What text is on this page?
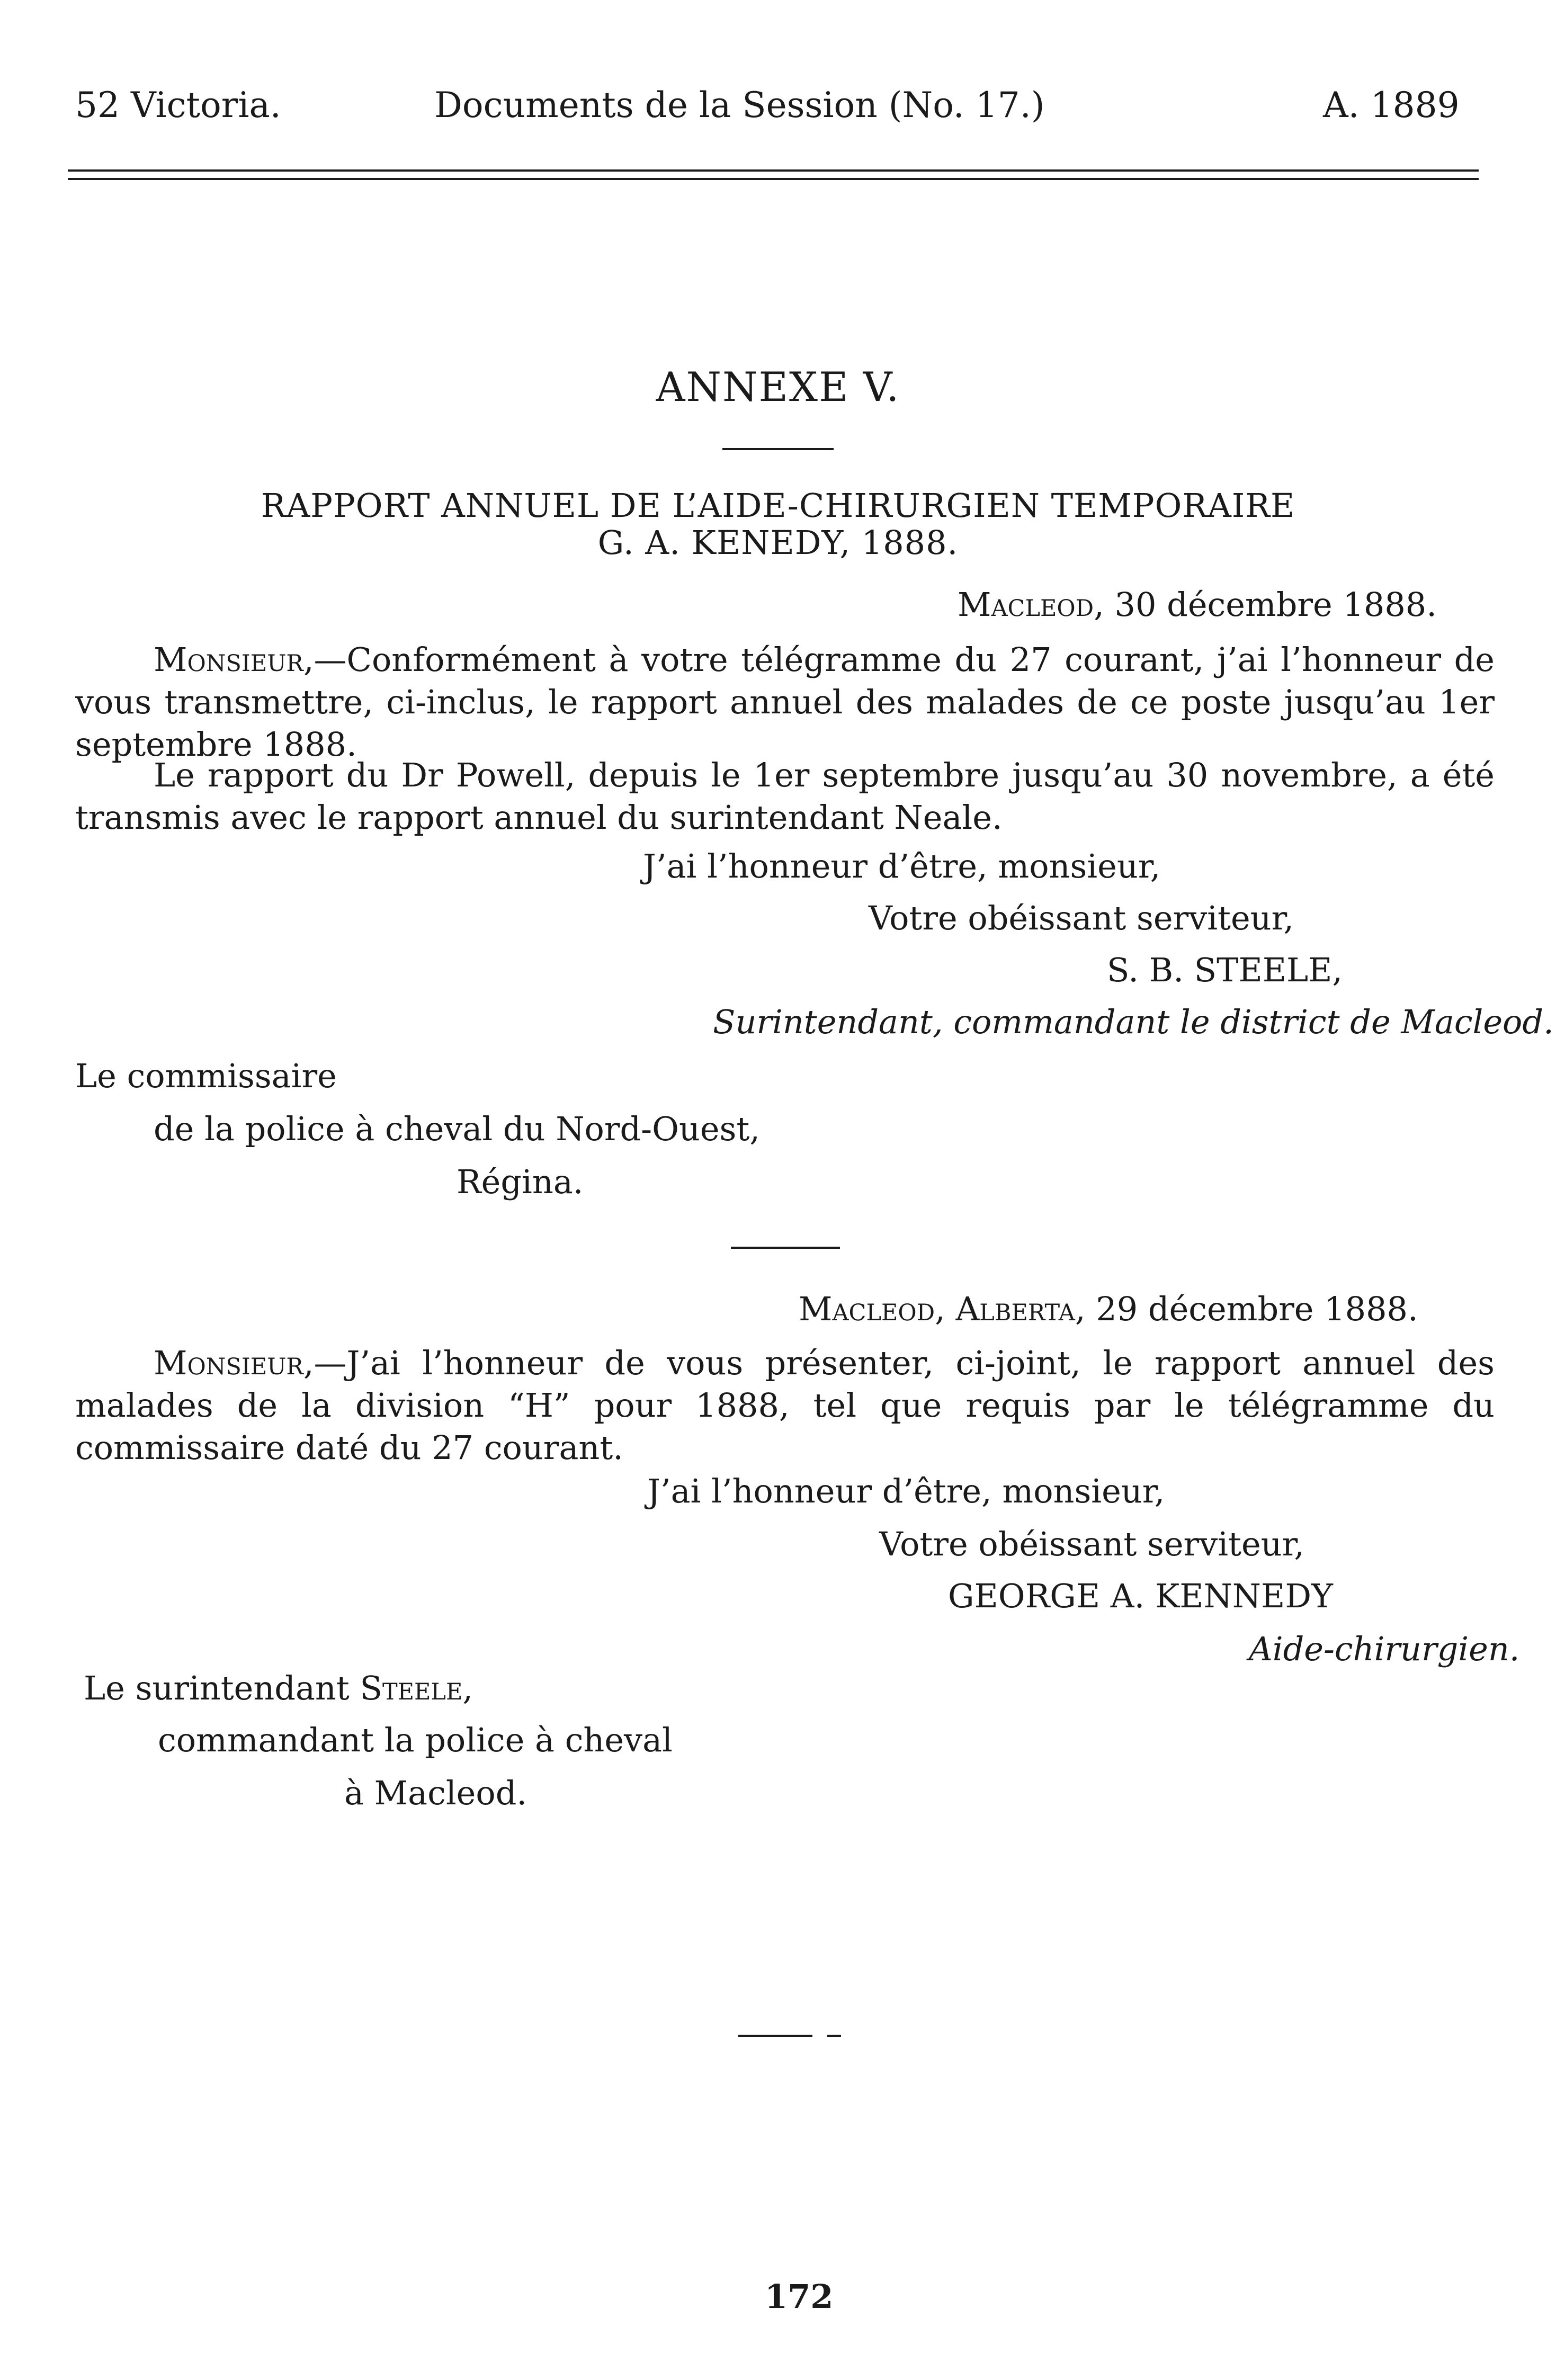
52 Victoria.	Documents de la Session (No. 17.)	A. 1889
ANNEXE V.
RAPPORT ANNUEL DE L’AIDE-CHIRURGIEN TEMPORAIRE
G. A. KENEDY, 1888.
Macleod, 30 décembre 1888.
Monsieur,—Conformément à votre télégramme du 27 courant, j’ai l’honneur de vous transmettre, ci-inclus, le rapport annuel des malades de ce poste jusqu’au 1er septembre 1888.
Le rapport du Dr Powell, depuis le 1er septembre jusqu’au 30 novembre, a été transmis avec le rapport annuel du surintendant Neale.
J’ai l’honneur d’être, monsieur,
Votre obéissant serviteur,
S. B. STEELE,
Surintendant, commandant le district de Macleod.
Le commissaire
de la police à cheval du Nord-Ouest,
Régina.
Macleod, Alberta, 29 décembre 1888.
Monsieur,—J’ai l’honneur de vous présenter, ci-joint, le rapport annuel des malades de la division “H” pour 1888, tel que requis par le télégramme du commissaire daté du 27 courant.
J’ai l’honneur d’être, monsieur,
Votre obéissant serviteur,
GEORGE A. KENNEDY
Aide-chirurgien.
Le surintendant Steele,
commandant la police à cheval
à Macleod.
172
